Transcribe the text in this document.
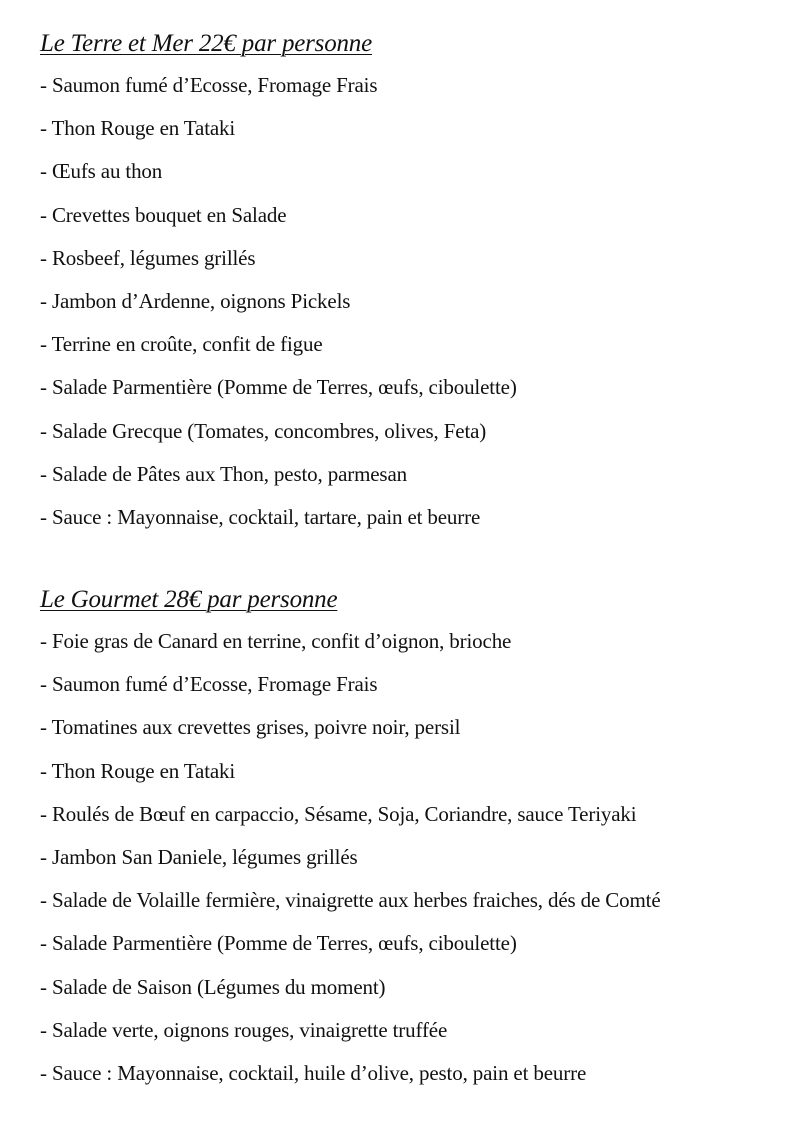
Le Terre et Mer 22€ par personne
- Saumon fumé d’Ecosse, Fromage Frais
- Thon Rouge en Tataki
- Œufs au thon
- Crevettes bouquet en Salade
- Rosbeef, légumes grillés
- Jambon d’Ardenne, oignons Pickels
- Terrine en croûte, confit de figue
- Salade Parmentière (Pomme de Terres, œufs, ciboulette)
- Salade Grecque (Tomates, concombres, olives, Feta)
- Salade de Pâtes aux Thon, pesto, parmesan
- Sauce : Mayonnaise, cocktail, tartare, pain et beurre
Le Gourmet 28€ par personne
- Foie gras de Canard en terrine, confit d’oignon, brioche
- Saumon fumé d’Ecosse, Fromage Frais
- Tomatines aux crevettes grises, poivre noir, persil
- Thon Rouge en Tataki
- Roulés de Bœuf en carpaccio, Sésame, Soja, Coriandre, sauce Teriyaki
- Jambon San Daniele, légumes grillés
- Salade de Volaille fermière, vinaigrette aux herbes fraiches, dés de Comté
- Salade Parmentière (Pomme de Terres, œufs, ciboulette)
- Salade de Saison (Légumes du moment)
- Salade verte, oignons rouges, vinaigrette truffée
- Sauce : Mayonnaise, cocktail, huile d’olive, pesto, pain et beurre
